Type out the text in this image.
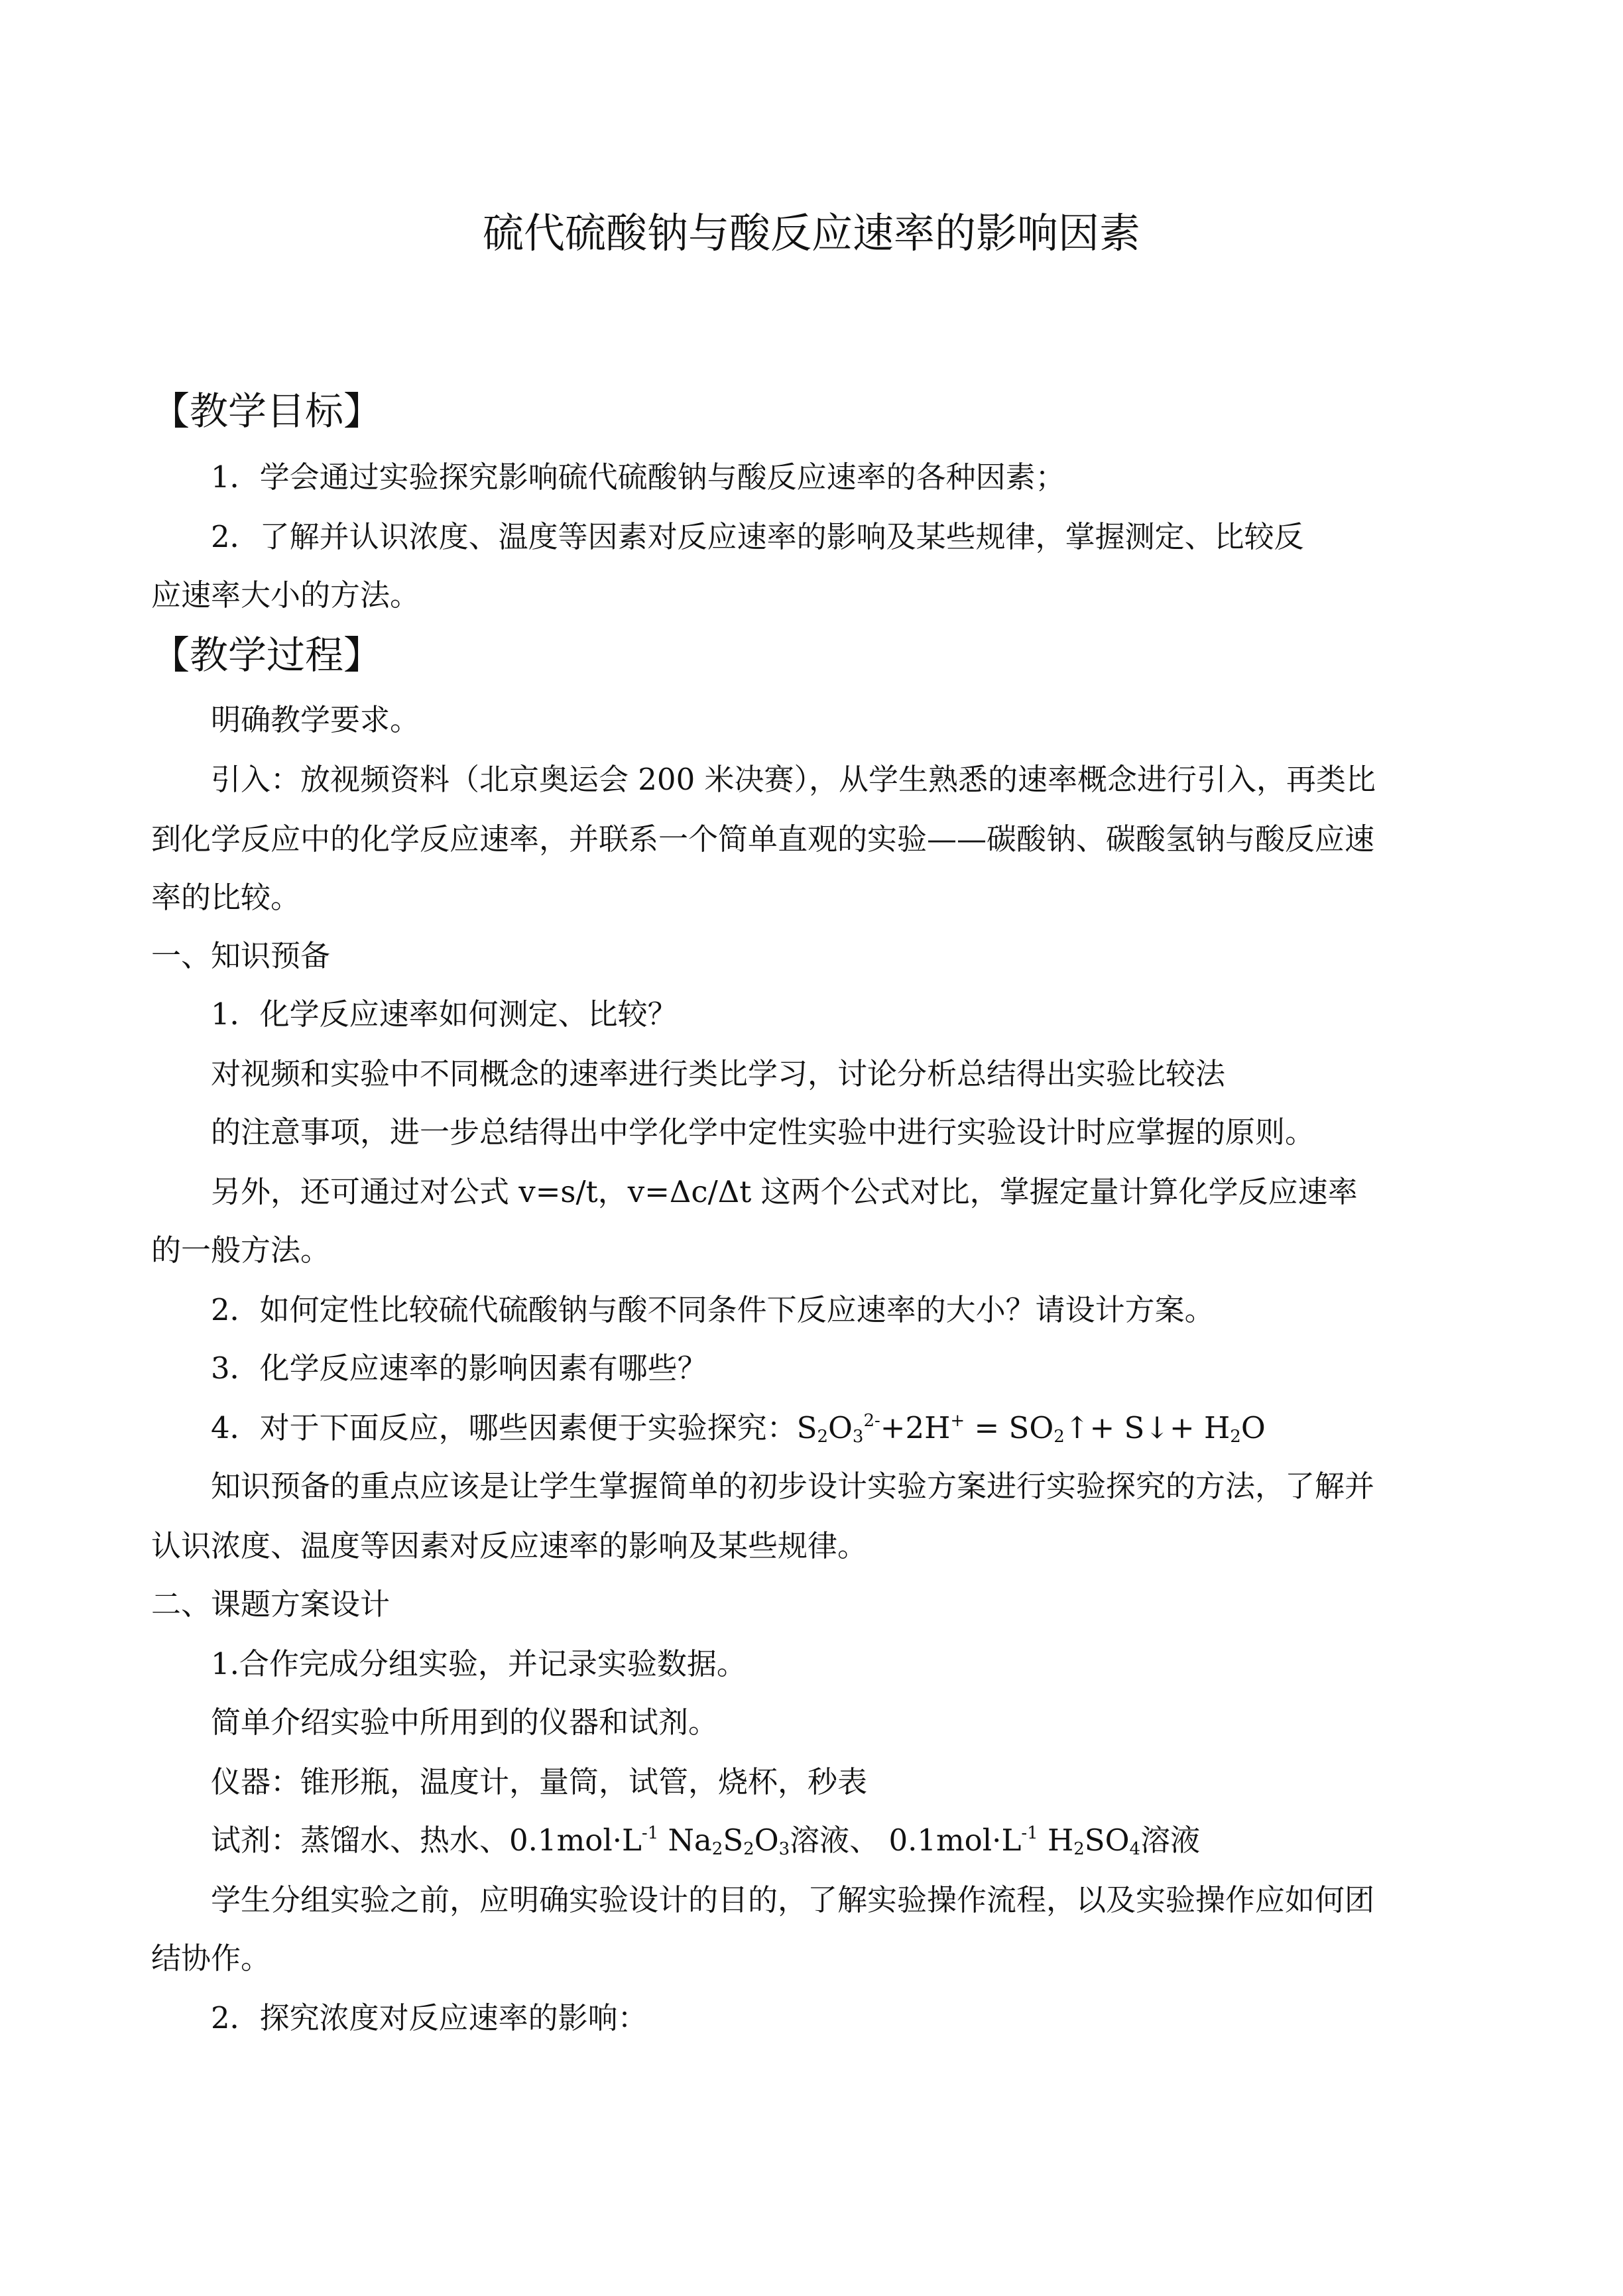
硫代硫酸钠与酸反应速率的影响因素
【教学目标】
1．学会通过实验探究影响硫代硫酸钠与酸反应速率的各种因素；
2．了解并认识浓度、温度等因素对反应速率的影响及某些规律，掌握测定、比较反
应速率大小的方法。
【教学过程】
明确教学要求。
引入：放视频资料（北京奥运会 200 米决赛），从学生熟悉的速率概念进行引入，再类比
到化学反应中的化学反应速率，并联系一个简单直观的实验——碳酸钠、碳酸氢钠与酸反应速
率的比较。
一、知识预备
1．化学反应速率如何测定、比较？
对视频和实验中不同概念的速率进行类比学习，讨论分析总结得出实验比较法
的注意事项，进一步总结得出中学化学中定性实验中进行实验设计时应掌握的原则。
另外，还可通过对公式 v=s/t，v=Δc/Δt 这两个公式对比，掌握定量计算化学反应速率
的一般方法。
2．如何定性比较硫代硫酸钠与酸不同条件下反应速率的大小？请设计方案。
3．化学反应速率的影响因素有哪些？
4．对于下面反应，哪些因素便于实验探究：$S_2O_3^{2-}+2H^+$ = $SO_2↑+$ S↓+ $H_2O$
知识预备的重点应该是让学生掌握简单的初步设计实验方案进行实验探究的方法，了解并
认识浓度、温度等因素对反应速率的影响及某些规律。
二、课题方案设计
1.合作完成分组实验，并记录实验数据。
简单介绍实验中所用到的仪器和试剂。
仪器：锥形瓶，温度计，量筒，试管，烧杯，秒表
试剂：蒸馏水、热水、$0.1mol\cdot L^{-1}$ $Na_2S_2O_3$溶液、 $0.1mol\cdot L^{-1}$ $H_2SO_4$溶液
学生分组实验之前，应明确实验设计的目的，了解实验操作流程，以及实验操作应如何团
结协作。
2．探究浓度对反应速率的影响：
